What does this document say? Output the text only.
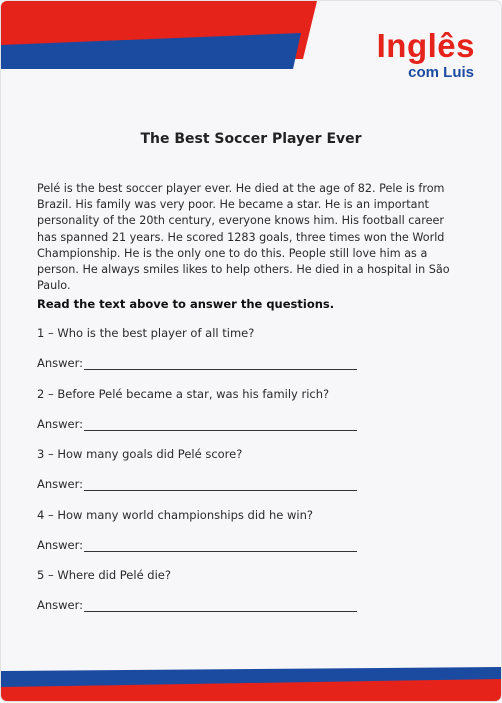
Inglês
com Luis
The Best Soccer Player Ever

Pelé is the best soccer player ever. He died at the age of 82. Pele is from Brazil. His family was very poor. He became a star. He is an important personality of the 20th century, everyone knows him. His football career has spanned 21 years. He scored 1283 goals, three times won the World Championship. He is the only one to do this. People still love him as a person. He always smiles likes to help others. He died in a hospital in São Paulo.

Read the text above to answer the questions.
1 – Who is the best player of all time?
Answer:
2 – Before Pelé became a star, was his family rich?
Answer:
3 – How many goals did Pelé score?
Answer:
4 – How many world championships did he win?
Answer:
5 – Where did Pelé die?
Answer:
